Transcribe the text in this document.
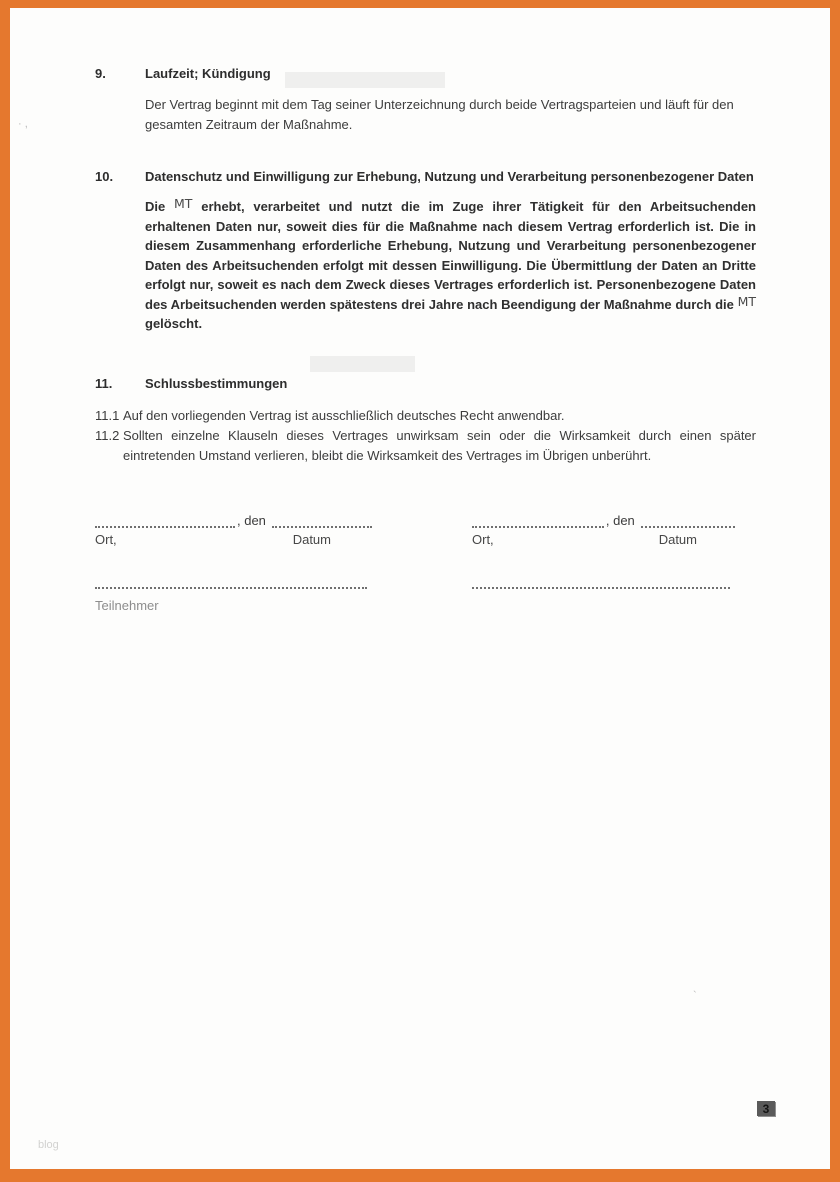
· ,
`
9.	Laufzeit; Kündigung
Der Vertrag beginnt mit dem Tag seiner Unterzeichnung durch beide Vertragsparteien und läuft für den gesamten Zeitraum der Maßnahme.
10.	Datenschutz und Einwilligung zur Erhebung, Nutzung und Verarbeitung personenbezogener Daten
Die MT erhebt, verarbeitet und nutzt die im Zuge ihrer Tätigkeit für den Arbeitsuchenden erhaltenen Daten nur, soweit dies für die Maßnahme nach diesem Vertrag erforderlich ist. Die in diesem Zusammenhang erforderliche Erhebung, Nutzung und Verarbeitung personenbezogener Daten des Arbeitsuchenden erfolgt mit dessen Einwilligung. Die Übermittlung der Daten an Dritte erfolgt nur, soweit es nach dem Zweck dieses Vertrages erforderlich ist. Personenbezogene Daten des Arbeitsuchenden werden spätestens drei Jahre nach Beendigung der Maßnahme durch die MT gelöscht.
11.	Schlussbestimmungen
11.1 Auf den vorliegenden Vertrag ist ausschließlich deutsches Recht anwendbar.
11.2 Sollten einzelne Klauseln dieses Vertrages unwirksam sein oder die Wirksamkeit durch einen später eintretenden Umstand verlieren, bleibt die Wirksamkeit des Vertrages im Übrigen unberührt.
, den
Ort,	Datum
Teilnehmer
, den
Ort,	Datum
blog
3
